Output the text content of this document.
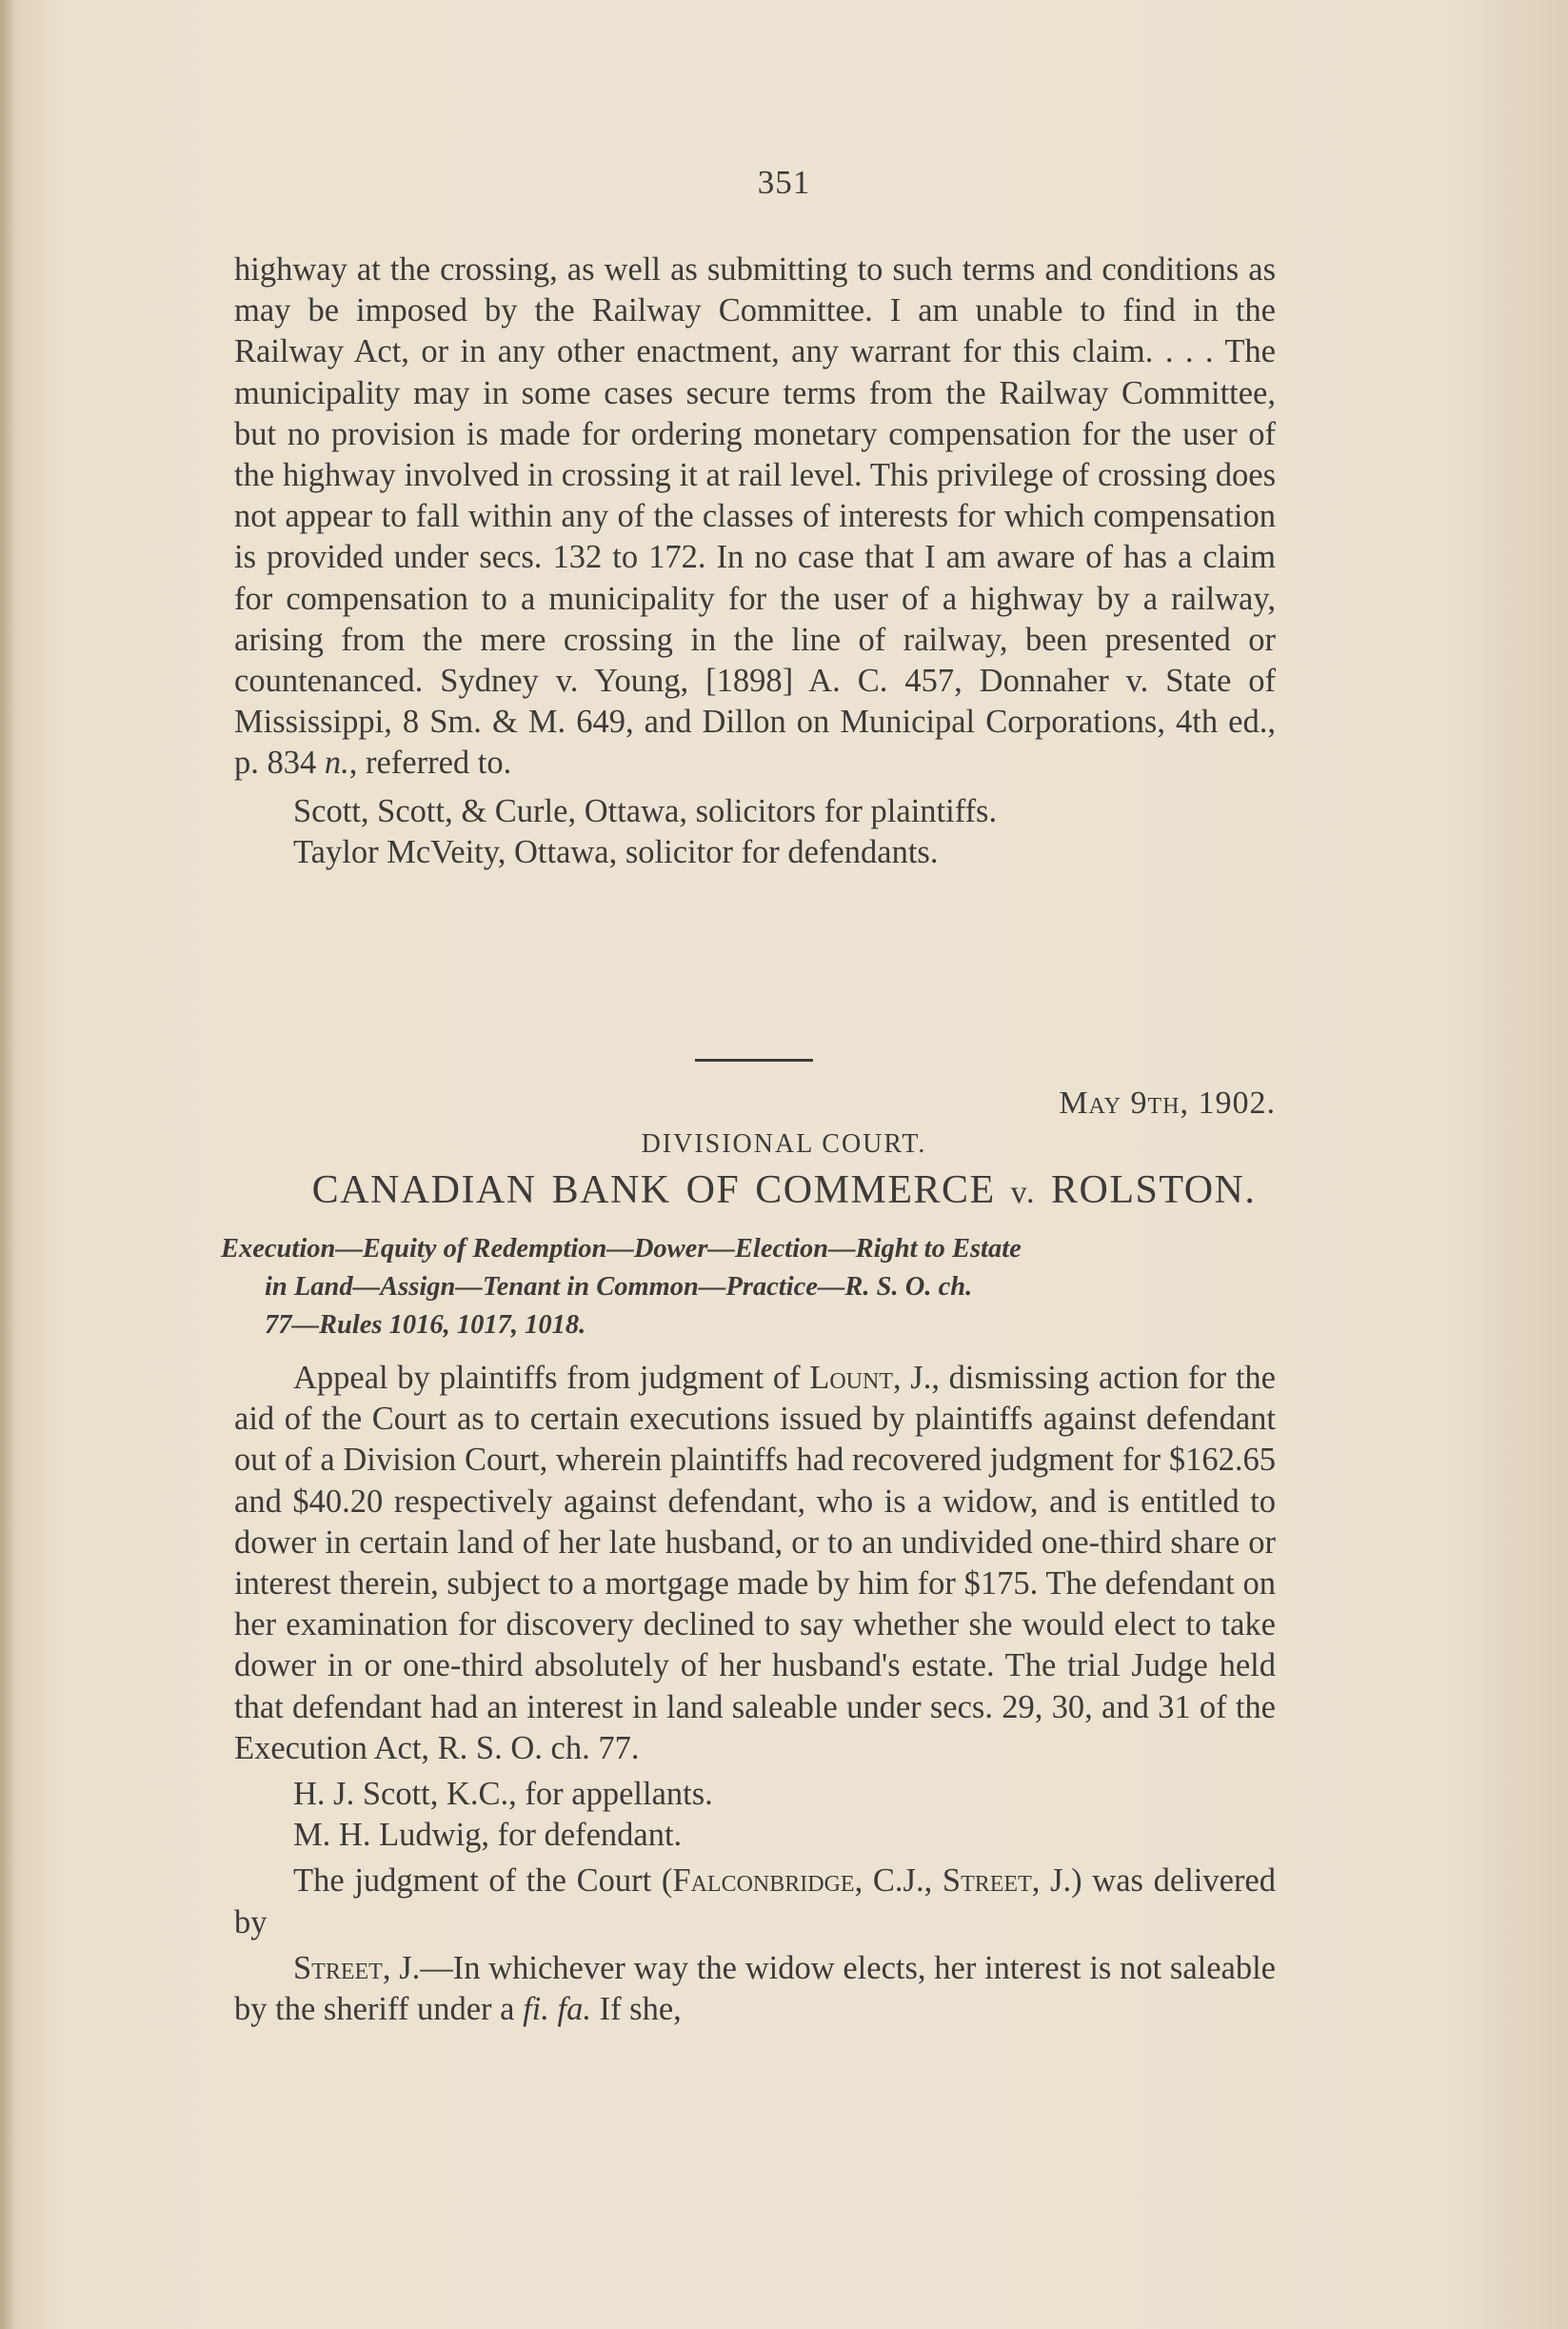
351

highway at the crossing, as well as submitting to such terms and conditions as may be imposed by the Railway Committee. I am unable to find in the Railway Act, or in any other enactment, any warrant for this claim. . . . The municipality may in some cases secure terms from the Railway Committee, but no provision is made for ordering monetary compensation for the user of the highway involved in crossing it at rail level. This privilege of crossing does not appear to fall within any of the classes of interests for which compensation is provided under secs. 132 to 172. In no case that I am aware of has a claim for compensation to a municipality for the user of a highway by a railway, arising from the mere crossing in the line of railway, been presented or countenanced. Sydney v. Young, [1898] A. C. 457, Donnaher v. State of Mississippi, 8 Sm. & M. 649, and Dillon on Municipal Corporations, 4th ed., p. 834 n., referred to.

Scott, Scott, & Curle, Ottawa, solicitors for plaintiffs.

Taylor McVeity, Ottawa, solicitor for defendants.

May 9th, 1902.
DIVISIONAL COURT.
CANADIAN BANK OF COMMERCE v. ROLSTON.

Execution—Equity of Redemption—Dower—Election—Right to Estate
in Land—Assign—Tenant in Common—Practice—R. S. O. ch.
77—Rules 1016, 1017, 1018.

Appeal by plaintiffs from judgment of Lount, J., dismissing action for the aid of the Court as to certain executions issued by plaintiffs against defendant out of a Division Court, wherein plaintiffs had recovered judgment for $162.65 and $40.20 respectively against defendant, who is a widow, and is entitled to dower in certain land of her late husband, or to an undivided one-third share or interest therein, subject to a mortgage made by him for $175. The defendant on her examination for discovery declined to say whether she would elect to take dower in or one-third absolutely of her husband's estate. The trial Judge held that defendant had an interest in land saleable under secs. 29, 30, and 31 of the Execution Act, R. S. O. ch. 77.

H. J. Scott, K.C., for appellants.

M. H. Ludwig, for defendant.

The judgment of the Court (Falconbridge, C.J., Street, J.) was delivered by

Street, J.—In whichever way the widow elects, her interest is not saleable by the sheriff under a fi. fa. If she,
